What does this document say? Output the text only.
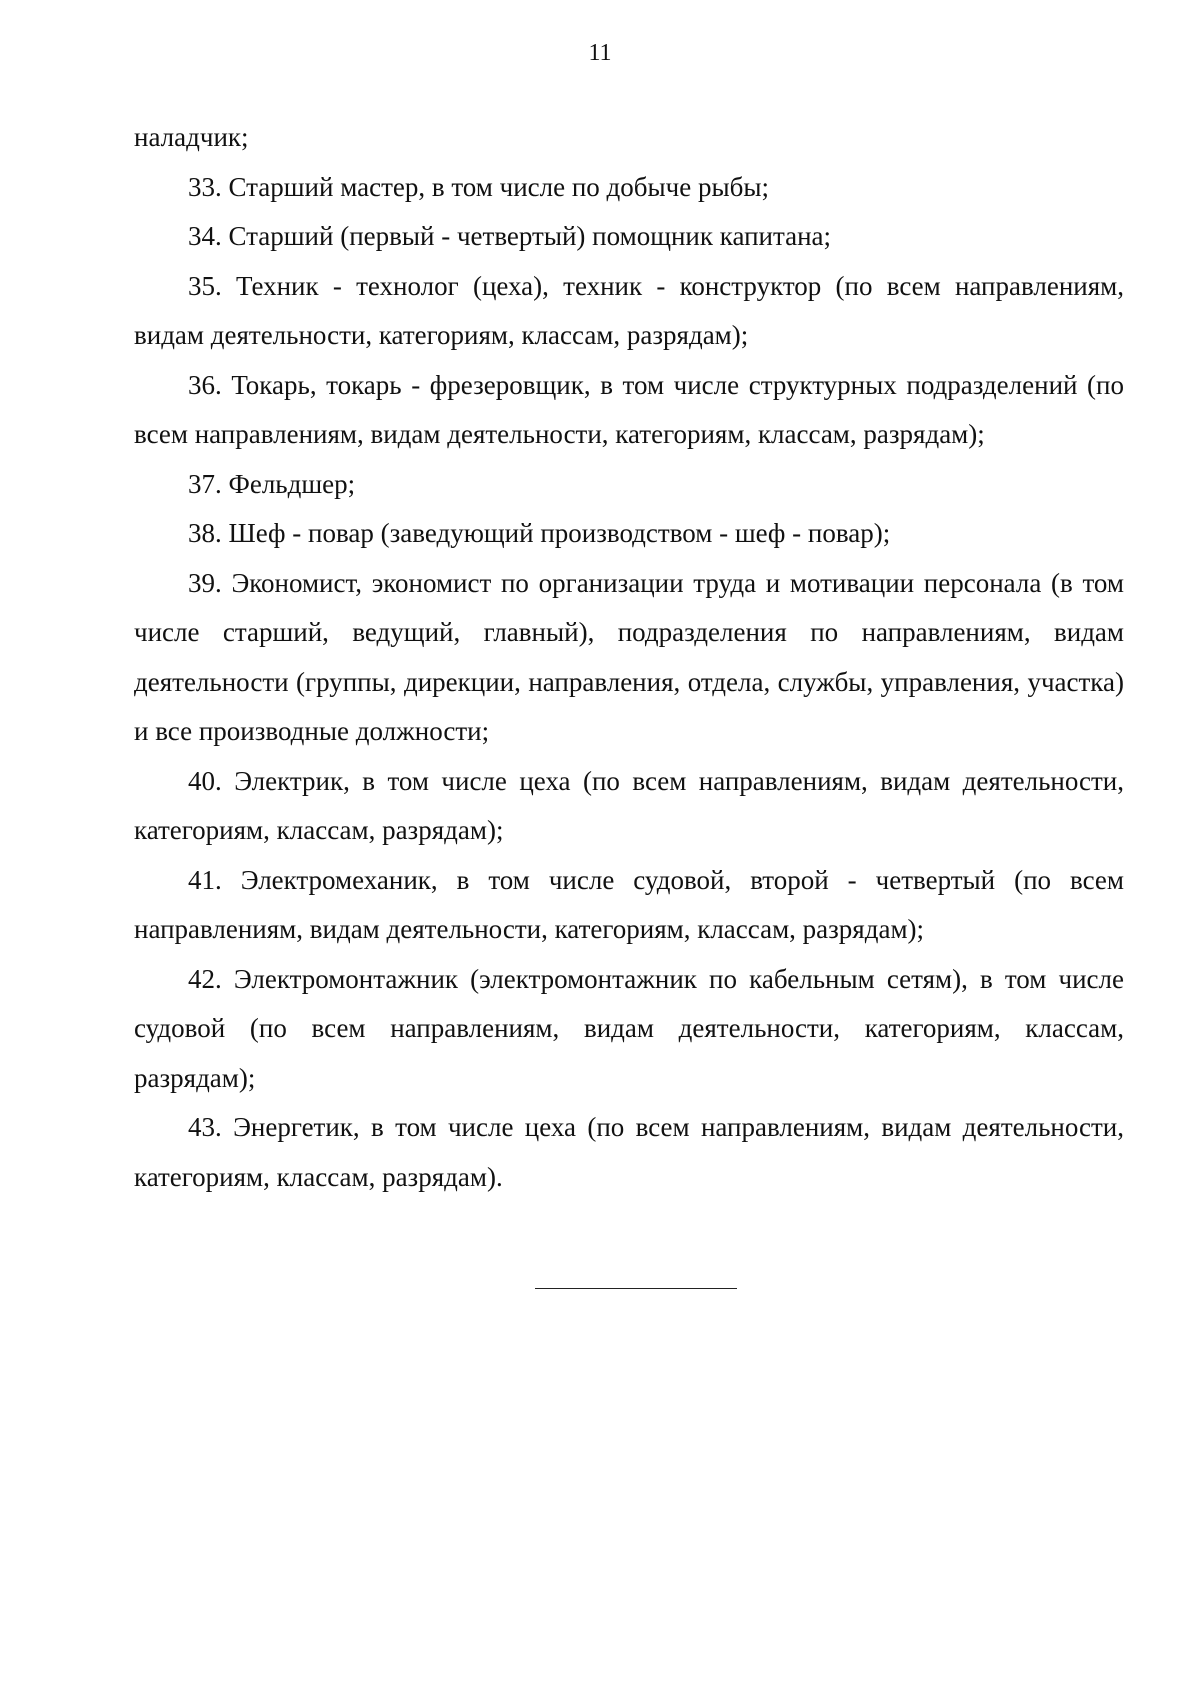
11

наладчик;

33. Старший мастер, в том числе по добыче рыбы;

34. Старший (первый - четвертый) помощник капитана;

35. Техник - технолог (цеха), техник - конструктор (по всем направлениям, видам деятельности, категориям, классам, разрядам);

36. Токарь, токарь - фрезеровщик, в том числе структурных подразделений (по всем направлениям, видам деятельности, категориям, классам, разрядам);

37. Фельдшер;

38. Шеф - повар (заведующий производством - шеф - повар);

39. Экономист, экономист по организации труда и мотивации персонала (в том числе старший, ведущий, главный), подразделения по направлениям, видам деятельности (группы, дирекции, направления, отдела, службы, управления, участка) и все производные должности;

40. Электрик, в том числе цеха (по всем направлениям, видам деятельности, категориям, классам, разрядам);

41. Электромеханик, в том числе судовой, второй - четвертый (по всем направлениям, видам деятельности, категориям, классам, разрядам);

42. Электромонтажник (электромонтажник по кабельным сетям), в том числе судовой (по всем направлениям, видам деятельности, категориям, классам, разрядам);

43. Энергетик, в том числе цеха (по всем направлениям, видам деятельности, категориям, классам, разрядам).
